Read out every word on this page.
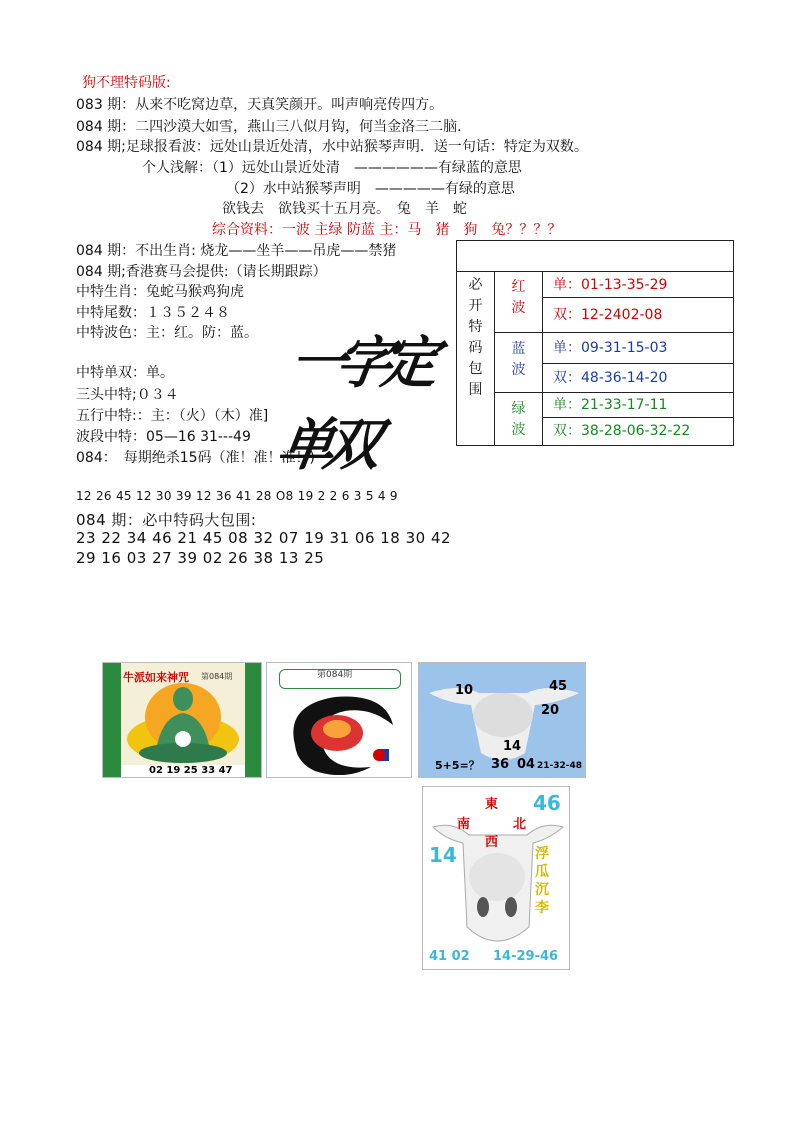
狗不理特码版:
083 期：从来不吃窝边草，天真笑颜开。叫声响亮传四方。
084 期：二四沙漠大如雪，燕山三八似月钩，何当金洛三二脑.
084 期;足球报看波：远处山景近处清，水中站猴琴声明．送一句话：特定为双数。
个人浅解：（1）远处山景近处清　——————有绿蓝的意思
（2）水中站猴琴声明　—————有绿的意思
欲钱去　欲钱买十五月亮。　兔　羊　蛇
综合资料：一波 主绿 防蓝 主：马　猪　狗　兔？？？？
084 期：不出生肖: 烧龙——坐羊——吊虎——禁猪
084 期;香港赛马会提供:（请长期跟踪）
中特生肖：兔蛇马猴鸡狗虎
中特尾数：１３５２４８
中特波色：主：红。防：蓝。
中特单双：单。
三头中特;０３４
五行中特:：主：（火）（木）准]
波段中特：05—16 31---49
084：　每期绝杀15码（准！准！准！)
一字定单双
必
开
特
码
包
围
红波
单：01-13-35-29
双：12-2402-08
蓝波
单：09-31-15-03
双：48-36-14-20
绿波
单：21-33-17-11
双：38-28-06-32-22
12 26 45 12 30 39 12 36 41 28 O8 19 2 2 6 3 5 4 9
084 期：必中特码大包围:
23 22 34 46 21 45 08 32 07 19 31 06 18 30 42
29 16 03 27 39 02 26 38 13 25
牛派如来神咒 第084期
02 19 25 33 47
第084期
10	45
20
14
5+5=？ 36 04 21-32-48
東
南	北
西
46
14	浮瓜沉李
41 02 14-29-46
